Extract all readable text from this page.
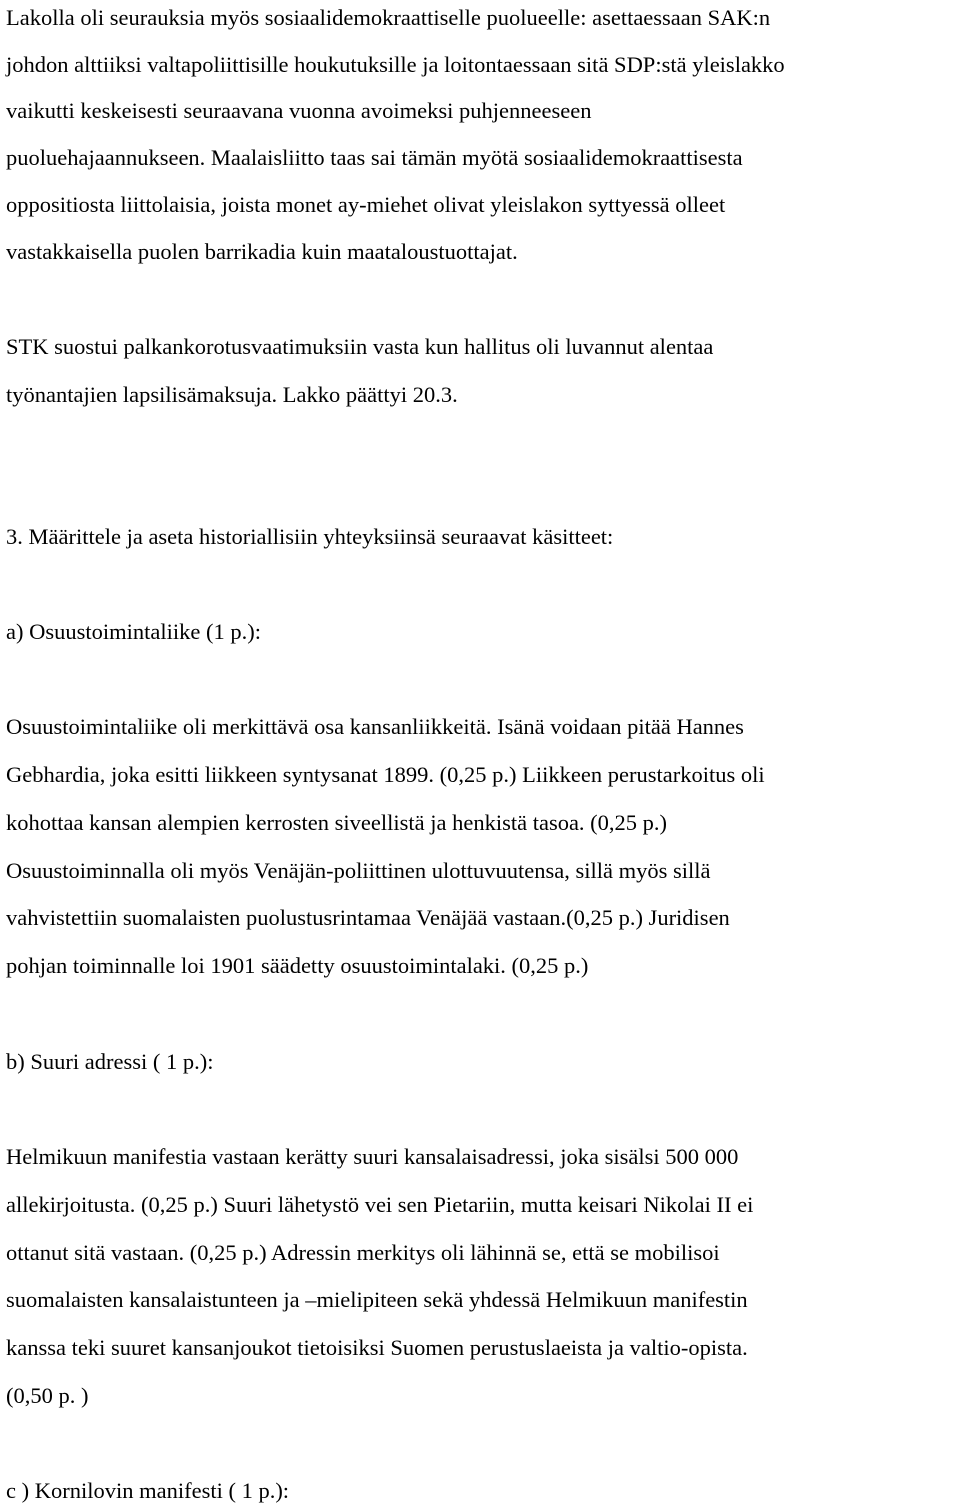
Lakolla oli seurauksia myös sosiaalidemokraattiselle puolueelle: asettaessaan SAK:n

johdon alttiiksi valtapoliittisille houkutuksille ja loitontaessaan sitä SDP:stä yleislakko

vaikutti keskeisesti seuraavana vuonna avoimeksi puhjenneeseen

puoluehajaannukseen. Maalaisliitto taas sai tämän myötä sosiaalidemokraattisesta

oppositiosta liittolaisia, joista monet ay-miehet olivat yleislakon syttyessä olleet

vastakkaisella puolen barrikadia kuin maataloustuottajat.

STK suostui palkankorotusvaatimuksiin vasta kun hallitus oli luvannut alentaa

työnantajien lapsilisämaksuja. Lakko päättyi 20.3.

3. Määrittele ja aseta historiallisiin yhteyksiinsä seuraavat käsitteet:

a) Osuustoimintaliike (1 p.):

Osuustoimintaliike oli merkittävä osa kansanliikkeitä. Isänä voidaan pitää Hannes

Gebhardia, joka esitti liikkeen syntysanat 1899. (0,25 p.) Liikkeen perustarkoitus oli

kohottaa kansan alempien kerrosten siveellistä ja henkistä tasoa. (0,25 p.)

Osuustoiminnalla oli myös Venäjän-poliittinen ulottuvuutensa, sillä myös sillä

vahvistettiin suomalaisten puolustusrintamaa Venäjää vastaan.(0,25 p.) Juridisen

pohjan toiminnalle loi 1901 säädetty osuustoimintalaki. (0,25 p.)

b) Suuri adressi ( 1 p.):

Helmikuun manifestia vastaan kerätty suuri kansalaisadressi, joka sisälsi 500 000

allekirjoitusta. (0,25 p.) Suuri lähetystö vei sen Pietariin, mutta keisari Nikolai II ei

ottanut sitä vastaan. (0,25 p.) Adressin merkitys oli lähinnä se, että se mobilisoi

suomalaisten kansalaistunteen ja –mielipiteen sekä yhdessä Helmikuun manifestin

kanssa teki suuret kansanjoukot tietoisiksi Suomen perustuslaeista ja valtio-opista.

(0,50 p. )

c ) Kornilovin manifesti ( 1 p.):
